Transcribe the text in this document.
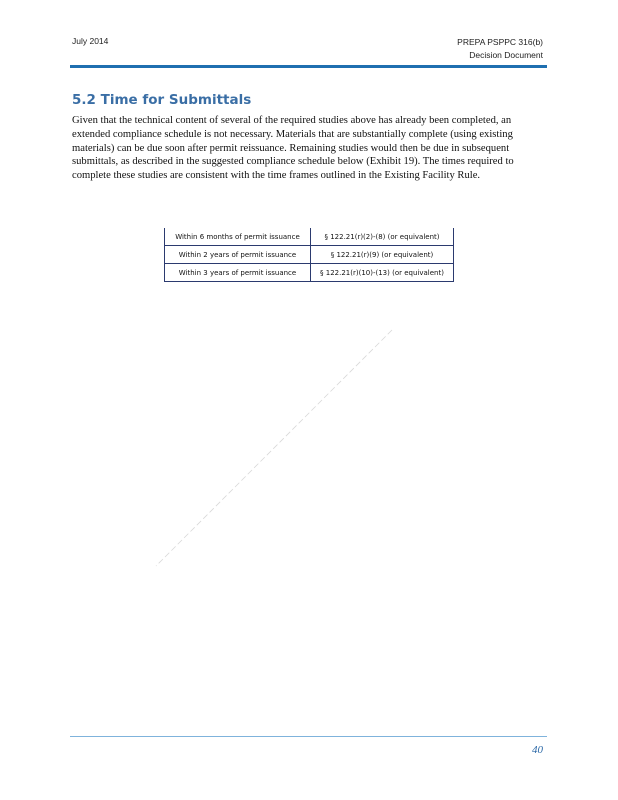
July 2014	PREPA PSPPC 316(b)
Decision Document
5.2 Time for Submittals

Given that the technical content of several of the required studies above has already been completed, an extended compliance schedule is not necessary. Materials that are substantially complete (using existing materials) can be due soon after permit reissuance. Remaining studies would then be due in subsequent submittals, as described in the suggested compliance schedule below (Exhibit 19). The times required to complete these studies are consistent with the time frames outlined in the Existing Facility Rule.

Within 6 months of permit issuance	§ 122.21(r)(2)-(8) (or equivalent)
Within 2 years of permit issuance	§ 122.21(r)(9) (or equivalent)
Within 3 years of permit issuance	§ 122.21(r)(10)-(13) (or equivalent)
40
